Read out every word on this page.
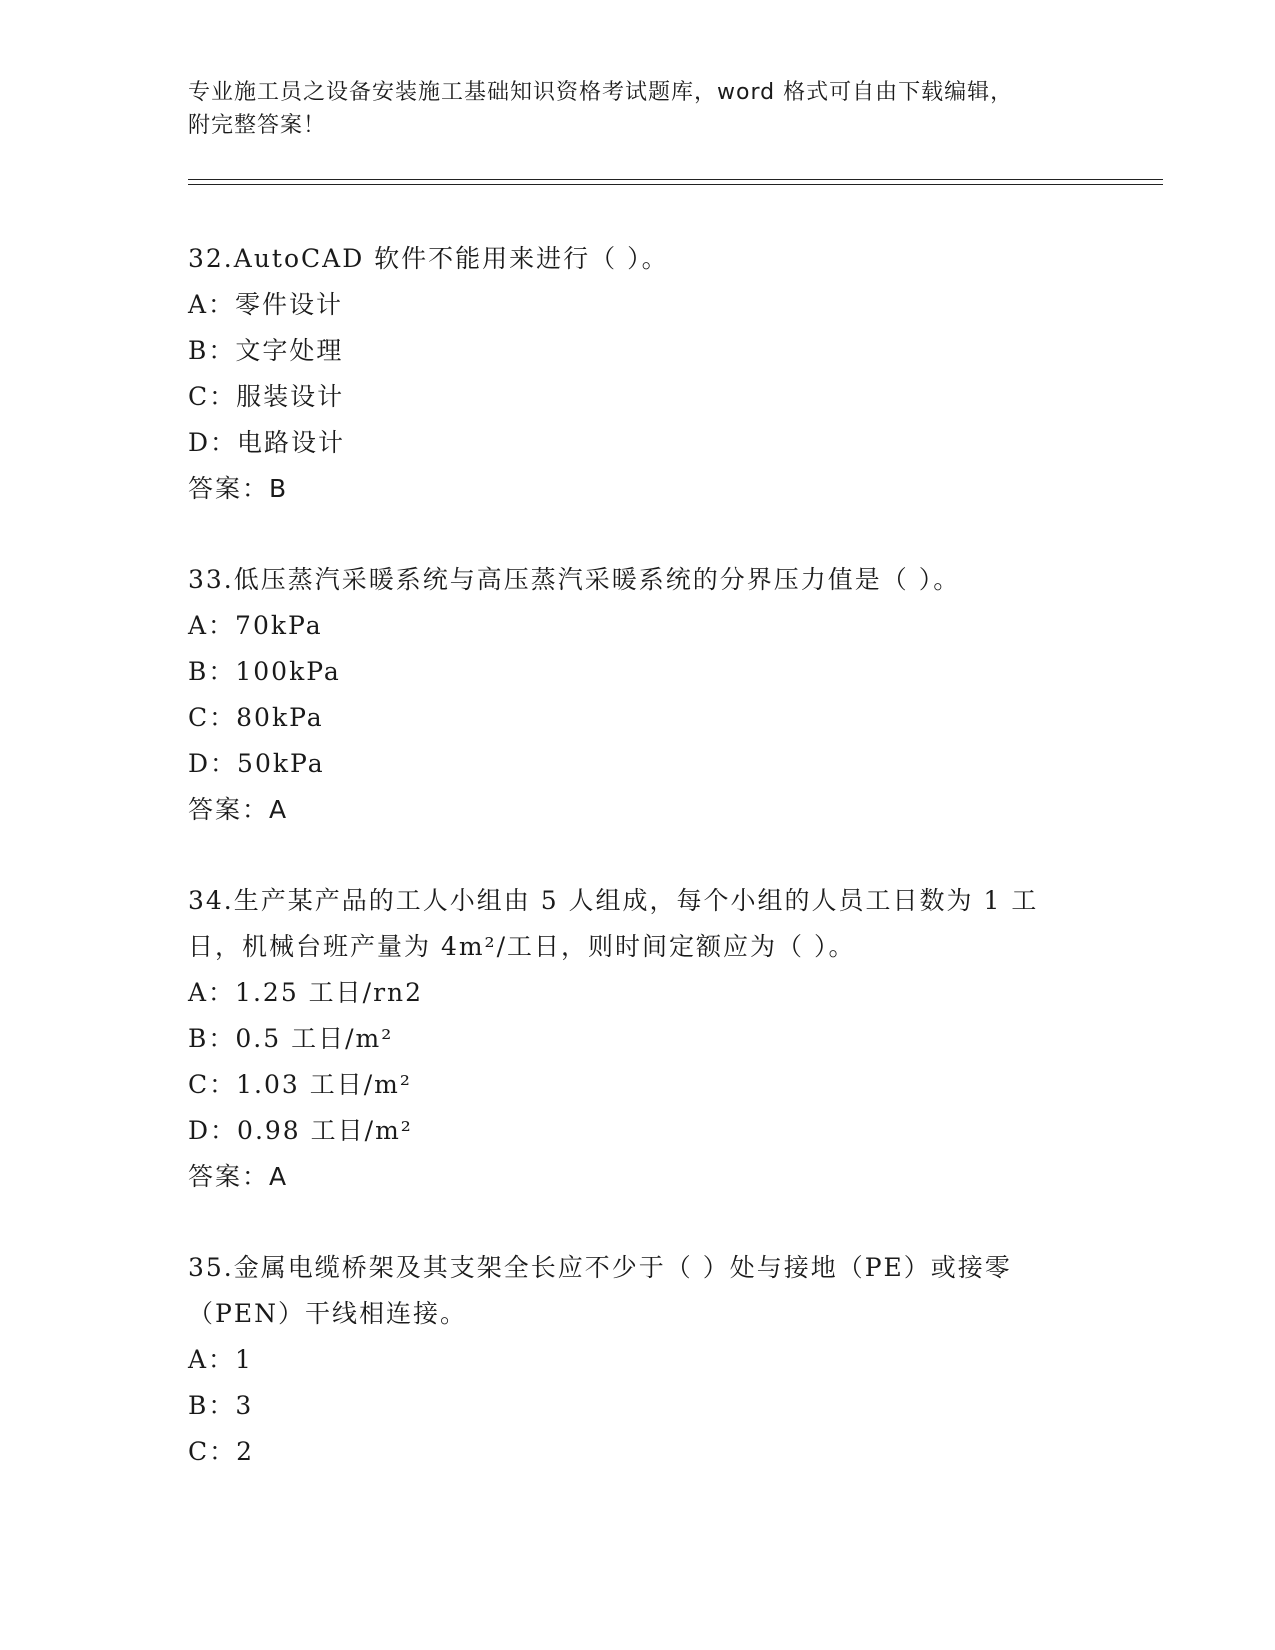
专业施工员之设备安装施工基础知识资格考试题库，word 格式可自由下载编辑，
附完整答案！
32.AutoCAD 软件不能用来进行（ ）。
A：零件设计
B：文字处理
C：服装设计
D：电路设计
答案：B
33.低压蒸汽采暖系统与高压蒸汽采暖系统的分界压力值是（ ）。
A：70kPa
B：100kPa
C：80kPa
D：50kPa
答案：A
34.生产某产品的工人小组由 5 人组成，每个小组的人员工日数为 1 工
日，机械台班产量为 4m²/工日，则时间定额应为（ ）。
A：1.25 工日/rn2
B：0.5 工日/m²
C：1.03 工日/m²
D：0.98 工日/m²
答案：A
35.金属电缆桥架及其支架全长应不少于（ ）处与接地（PE）或接零
（PEN）干线相连接。
A：1
B：3
C：2
